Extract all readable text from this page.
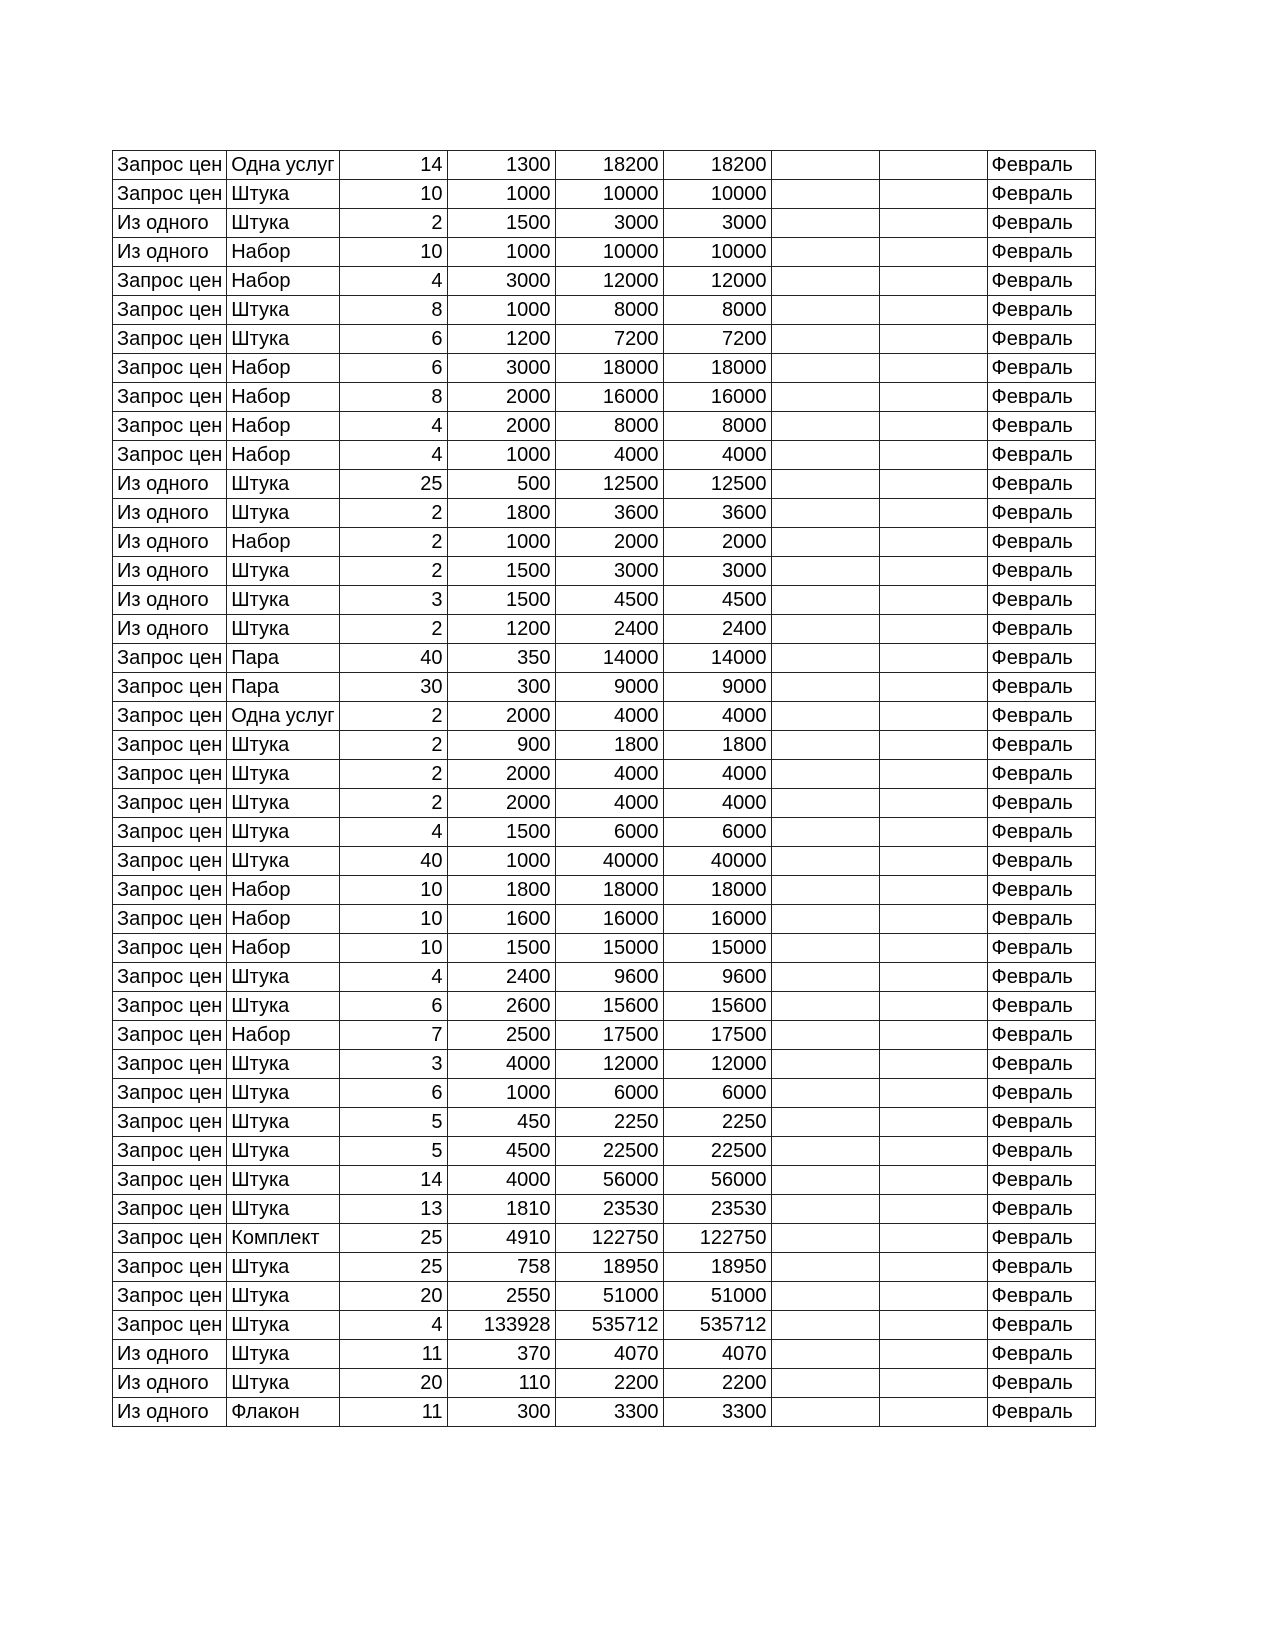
Запрос цен	Одна услуг	14	1300	18200	18200			Февраль
Запрос цен	Штука	10	1000	10000	10000			Февраль
Из одного	Штука	2	1500	3000	3000			Февраль
Из одного	Набор	10	1000	10000	10000			Февраль
Запрос цен	Набор	4	3000	12000	12000			Февраль
Запрос цен	Штука	8	1000	8000	8000			Февраль
Запрос цен	Штука	6	1200	7200	7200			Февраль
Запрос цен	Набор	6	3000	18000	18000			Февраль
Запрос цен	Набор	8	2000	16000	16000			Февраль
Запрос цен	Набор	4	2000	8000	8000			Февраль
Запрос цен	Набор	4	1000	4000	4000			Февраль
Из одного	Штука	25	500	12500	12500			Февраль
Из одного	Штука	2	1800	3600	3600			Февраль
Из одного	Набор	2	1000	2000	2000			Февраль
Из одного	Штука	2	1500	3000	3000			Февраль
Из одного	Штука	3	1500	4500	4500			Февраль
Из одного	Штука	2	1200	2400	2400			Февраль
Запрос цен	Пара	40	350	14000	14000			Февраль
Запрос цен	Пара	30	300	9000	9000			Февраль
Запрос цен	Одна услуг	2	2000	4000	4000			Февраль
Запрос цен	Штука	2	900	1800	1800			Февраль
Запрос цен	Штука	2	2000	4000	4000			Февраль
Запрос цен	Штука	2	2000	4000	4000			Февраль
Запрос цен	Штука	4	1500	6000	6000			Февраль
Запрос цен	Штука	40	1000	40000	40000			Февраль
Запрос цен	Набор	10	1800	18000	18000			Февраль
Запрос цен	Набор	10	1600	16000	16000			Февраль
Запрос цен	Набор	10	1500	15000	15000			Февраль
Запрос цен	Штука	4	2400	9600	9600			Февраль
Запрос цен	Штука	6	2600	15600	15600			Февраль
Запрос цен	Набор	7	2500	17500	17500			Февраль
Запрос цен	Штука	3	4000	12000	12000			Февраль
Запрос цен	Штука	6	1000	6000	6000			Февраль
Запрос цен	Штука	5	450	2250	2250			Февраль
Запрос цен	Штука	5	4500	22500	22500			Февраль
Запрос цен	Штука	14	4000	56000	56000			Февраль
Запрос цен	Штука	13	1810	23530	23530			Февраль
Запрос цен	Комплект	25	4910	122750	122750			Февраль
Запрос цен	Штука	25	758	18950	18950			Февраль
Запрос цен	Штука	20	2550	51000	51000			Февраль
Запрос цен	Штука	4	133928	535712	535712			Февраль
Из одного	Штука	11	370	4070	4070			Февраль
Из одного	Штука	20	110	2200	2200			Февраль
Из одного	Флакон	11	300	3300	3300			Февраль
